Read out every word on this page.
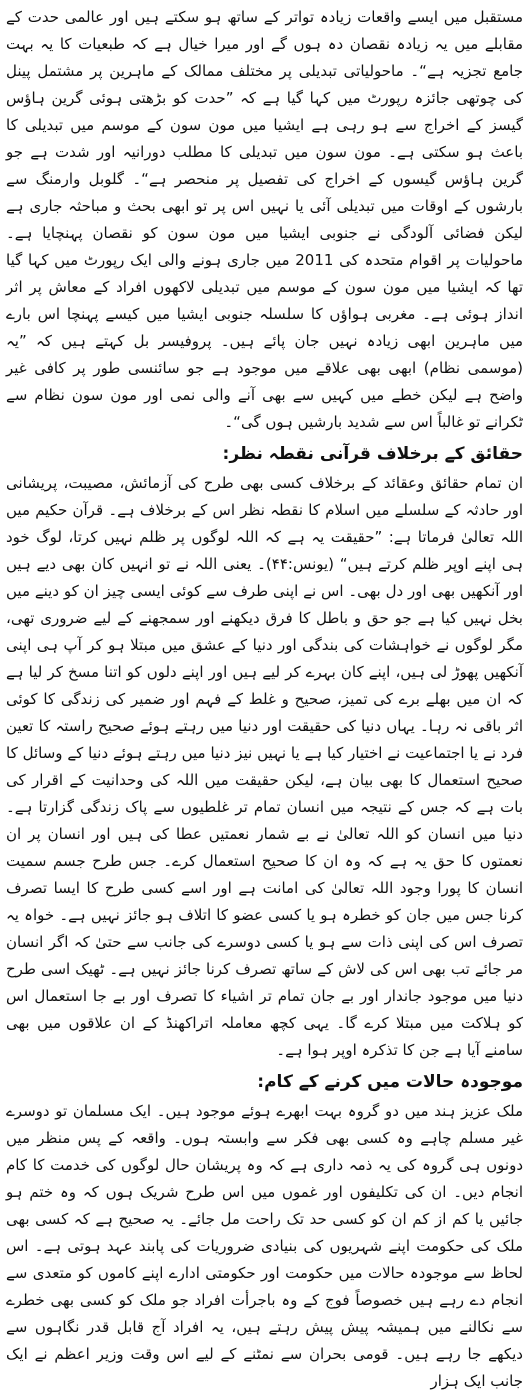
مستقبل میں ایسے واقعات زیادہ تواتر کے ساتھ ہو سکتے ہیں اور عالمی حدت کے مقابلے میں یہ زیادہ نقصان دہ ہوں گے اور میرا خیال ہے کہ طبعیات کا یہ بہت جامع تجزیہ ہے“۔ ماحولیاتی تبدیلی پر مختلف ممالک کے ماہرین پر مشتمل پینل کی چوتھی جائزہ رپورٹ میں کہا گیا ہے کہ ”حدت کو بڑھتی ہوئی گرین ہاؤس گیسز کے اخراج سے ہو رہی ہے ایشیا میں مون سون کے موسم میں تبدیلی کا باعث ہو سکتی ہے۔ مون سون میں تبدیلی کا مطلب دورانیہ اور شدت ہے جو گرین ہاؤس گیسوں کے اخراج کی تفصیل پر منحصر ہے“۔ گلوبل وارمنگ سے بارشوں کے اوقات میں تبدیلی آئی یا نہیں اس پر تو ابھی بحث و مباحثہ جاری ہے لیکن فضائی آلودگی نے جنوبی ایشیا میں مون سون کو نقصان پہنچایا ہے۔ ماحولیات پر اقوام متحدہ کی 2011 میں جاری ہونے والی ایک رپورٹ میں کہا گیا تھا کہ ایشیا میں مون سون کے موسم میں تبدیلی لاکھوں افراد کے معاش پر اثر انداز ہوئی ہے۔ مغربی ہواؤں کا سلسلہ جنوبی ایشیا میں کیسے پہنچا اس بارے میں ماہرین ابھی زیادہ نہیں جان پائے ہیں۔ پروفیسر بل کہتے ہیں کہ ”یہ (موسمی نظام) ابھی بھی علاقے میں موجود ہے جو سائنسی طور پر کافی غیر واضح ہے لیکن خطے میں کہیں سے بھی آنے والی نمی اور مون سون نظام سے ٹکرانے تو غالباً اس سے شدید بارشیں ہوں گی“۔

حقائق کے برخلاف قرآنی نقطہ نظر:

ان تمام حقائق وعقائد کے برخلاف کسی بھی طرح کی آزمائش، مصیبت، پریشانی اور حادثہ کے سلسلے میں اسلام کا نقطہ نظر اس کے برخلاف ہے۔ قرآن حکیم میں اللہ تعالیٰ فرماتا ہے: ”حقیقت یہ ہے کہ اللہ لوگوں پر ظلم نہیں کرتا، لوگ خود ہی اپنے اوپر ظلم کرتے ہیں“ (یونس:۴۴)۔ یعنی اللہ نے تو انہیں کان بھی دیے ہیں اور آنکھیں بھی اور دل بھی۔ اس نے اپنی طرف سے کوئی ایسی چیز ان کو دینے میں بخل نہیں کیا ہے جو حق و باطل کا فرق دیکھنے اور سمجھنے کے لیے ضروری تھی، مگر لوگوں نے خواہشات کی بندگی اور دنیا کے عشق میں مبتلا ہو کر آپ ہی اپنی آنکھیں پھوڑ لی ہیں، اپنے کان بہرے کر لیے ہیں اور اپنے دلوں کو اتنا مسخ کر لیا ہے کہ ان میں بھلے برے کی تمیز، صحیح و غلط کے فہم اور ضمیر کی زندگی کا کوئی اثر باقی نہ رہا۔ یہاں دنیا کی حقیقت اور دنیا میں رہتے ہوئے صحیح راستہ کا تعین فرد نے یا اجتماعیت نے اختیار کیا ہے یا نہیں نیز دنیا میں رہتے ہوئے دنیا کے وسائل کا صحیح استعمال کا بھی بیان ہے، لیکن حقیقت میں اللہ کی وحدانیت کے اقرار کی بات ہے کہ جس کے نتیجہ میں انسان تمام تر غلطیوں سے پاک زندگی گزارتا ہے۔ دنیا میں انسان کو اللہ تعالیٰ نے بے شمار نعمتیں عطا کی ہیں اور انسان پر ان نعمتوں کا حق یہ ہے کہ وہ ان کا صحیح استعمال کرے۔ جس طرح جسم سمیت انسان کا پورا وجود اللہ تعالیٰ کی امانت ہے اور اسے کسی طرح کا ایسا تصرف کرنا جس میں جان کو خطرہ ہو یا کسی عضو کا اتلاف ہو جائز نہیں ہے۔ خواہ یہ تصرف اس کی اپنی ذات سے ہو یا کسی دوسرے کی جانب سے حتیٰ کہ اگر انسان مر جائے تب بھی اس کی لاش کے ساتھ تصرف کرنا جائز نہیں ہے۔ ٹھیک اسی طرح دنیا میں موجود جاندار اور بے جان تمام تر اشیاء کا تصرف اور بے جا استعمال اس کو ہلاکت میں مبتلا کرے گا۔ یہی کچھ معاملہ اتراکھنڈ کے ان علاقوں میں بھی سامنے آیا ہے جن کا تذکرہ اوپر ہوا ہے۔

موجودہ حالات میں کرنے کے کام:

ملک عزیز ہند میں دو گروہ بہت ابھرے ہوئے موجود ہیں۔ ایک مسلمان تو دوسرے غیر مسلم چاہے وہ کسی بھی فکر سے وابستہ ہوں۔ واقعہ کے پس منظر میں دونوں ہی گروہ کی یہ ذمہ داری ہے کہ وہ پریشان حال لوگوں کی خدمت کا کام انجام دیں۔ ان کی تکلیفوں اور غموں میں اس طرح شریک ہوں کہ وہ ختم ہو جائیں یا کم از کم ان کو کسی حد تک راحت مل جائے۔ یہ صحیح ہے کہ کسی بھی ملک کی حکومت اپنے شہریوں کی بنیادی ضروریات کی پابند عہد ہوتی ہے۔ اس لحاظ سے موجودہ حالات میں حکومت اور حکومتی ادارے اپنے کاموں کو متعدی سے انجام دے رہے ہیں خصوصاً فوج کے وہ باجرأت افراد جو ملک کو کسی بھی خطرے سے نکالنے میں ہمیشہ پیش پیش رہتے ہیں، یہ افراد آج قابل قدر نگاہوں سے دیکھے جا رہے ہیں۔ قومی بحران سے نمٹنے کے لیے اس وقت وزیر اعظم نے ایک جانب ایک ہزار
